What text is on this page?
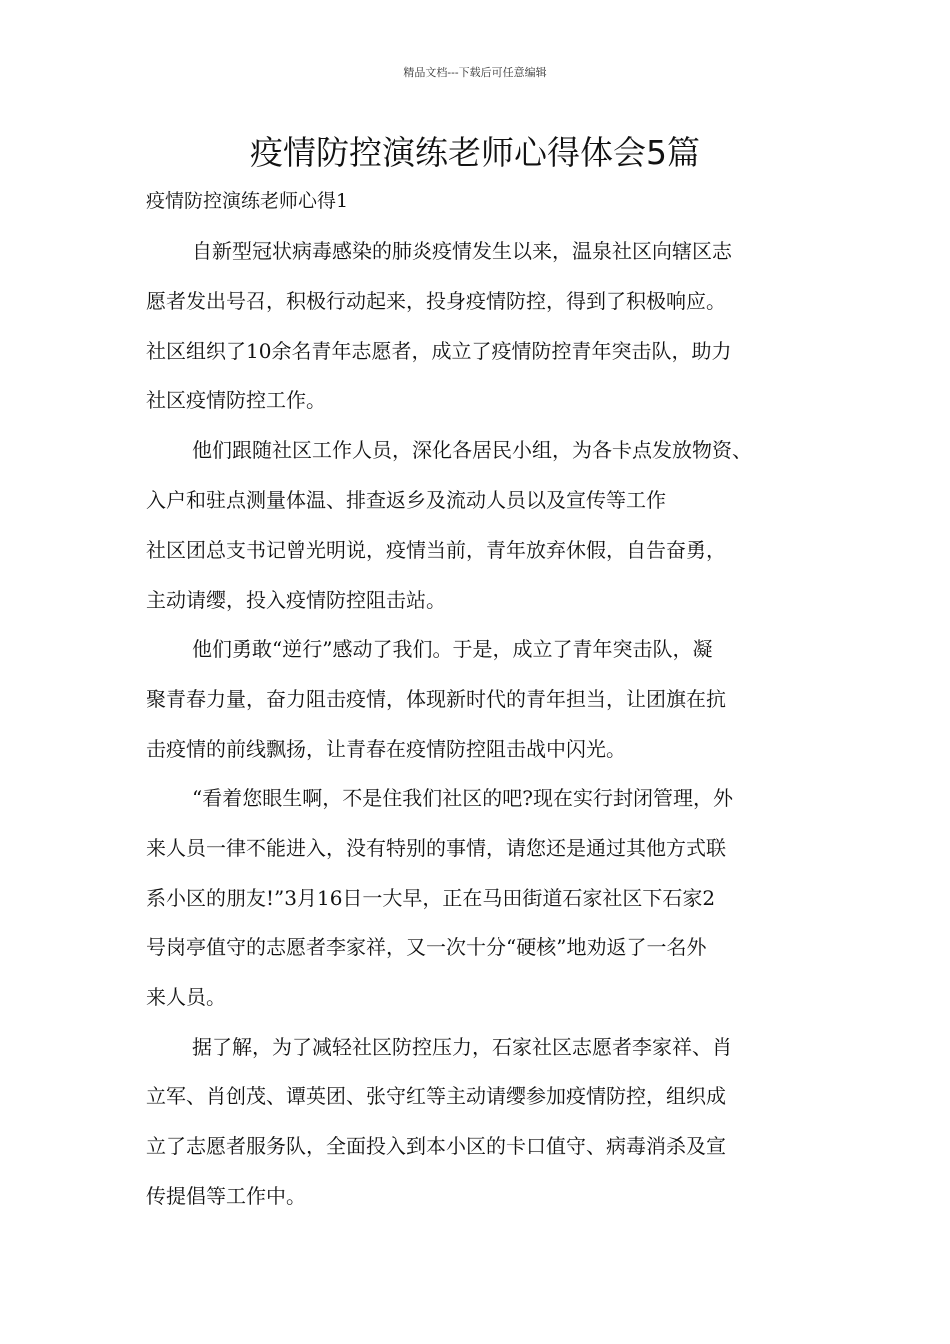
精品文档---下载后可任意编辑
疫情防控演练老师心得体会5篇
疫情防控演练老师心得1
自新型冠状病毒感染的肺炎疫情发生以来，温泉社区向辖区志
愿者发出号召，积极行动起来，投身疫情防控，得到了积极响应。
社区组织了10余名青年志愿者，成立了疫情防控青年突击队，助力
社区疫情防控工作。
他们跟随社区工作人员，深化各居民小组，为各卡点发放物资、
入户和驻点测量体温、排查返乡及流动人员以及宣传等工作
社区团总支书记曾光明说，疫情当前，青年放弃休假，自告奋勇，
主动请缨，投入疫情防控阻击站。
他们勇敢“逆行”感动了我们。于是，成立了青年突击队，凝
聚青春力量，奋力阻击疫情，体现新时代的青年担当，让团旗在抗
击疫情的前线飘扬，让青春在疫情防控阻击战中闪光。
“看着您眼生啊，不是住我们社区的吧?现在实行封闭管理，外
来人员一律不能进入，没有特别的事情，请您还是通过其他方式联
系小区的朋友!”3月16日一大早，正在马田街道石家社区下石家2
号岗亭值守的志愿者李家祥，又一次十分“硬核”地劝返了一名外
来人员。
据了解，为了减轻社区防控压力，石家社区志愿者李家祥、肖
立军、肖创茂、谭英团、张守红等主动请缨参加疫情防控，组织成
立了志愿者服务队，全面投入到本小区的卡口值守、病毒消杀及宣
传提倡等工作中。
